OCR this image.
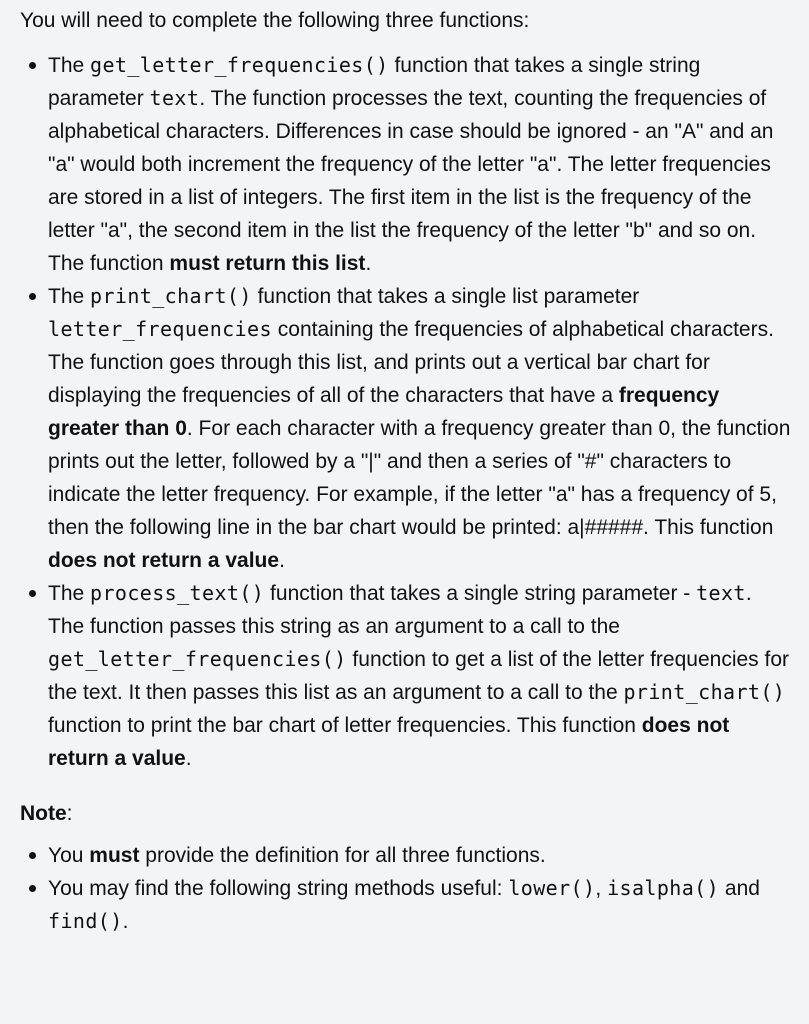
You will need to complete the following three functions:

The get_letter_frequencies() function that takes a single string parameter text. The function processes the text, counting the frequencies of alphabetical characters. Differences in case should be ignored - an "A" and an "a" would both increment the frequency of the letter "a". The letter frequencies are stored in a list of integers. The first item in the list is the frequency of the letter "a", the second item in the list the frequency of the letter "b" and so on. The function must return this list.
The print_chart() function that takes a single list parameter letter_frequencies containing the frequencies of alphabetical characters. The function goes through this list, and prints out a vertical bar chart for displaying the frequencies of all of the characters that have a frequency greater than 0. For each character with a frequency greater than 0, the function prints out the letter, followed by a "|" and then a series of "#" characters to indicate the letter frequency. For example, if the letter "a" has a frequency of 5, then the following line in the bar chart would be printed: a|#####. This function does not return a value.
The process_text() function that takes a single string parameter - text. The function passes this string as an argument to a call to the get_letter_frequencies() function to get a list of the letter frequencies for the text. It then passes this list as an argument to a call to the print_chart() function to print the bar chart of letter frequencies. This function does not return a value.

Note:

You must provide the definition for all three functions.
You may find the following string methods useful: lower(), isalpha() and find().
